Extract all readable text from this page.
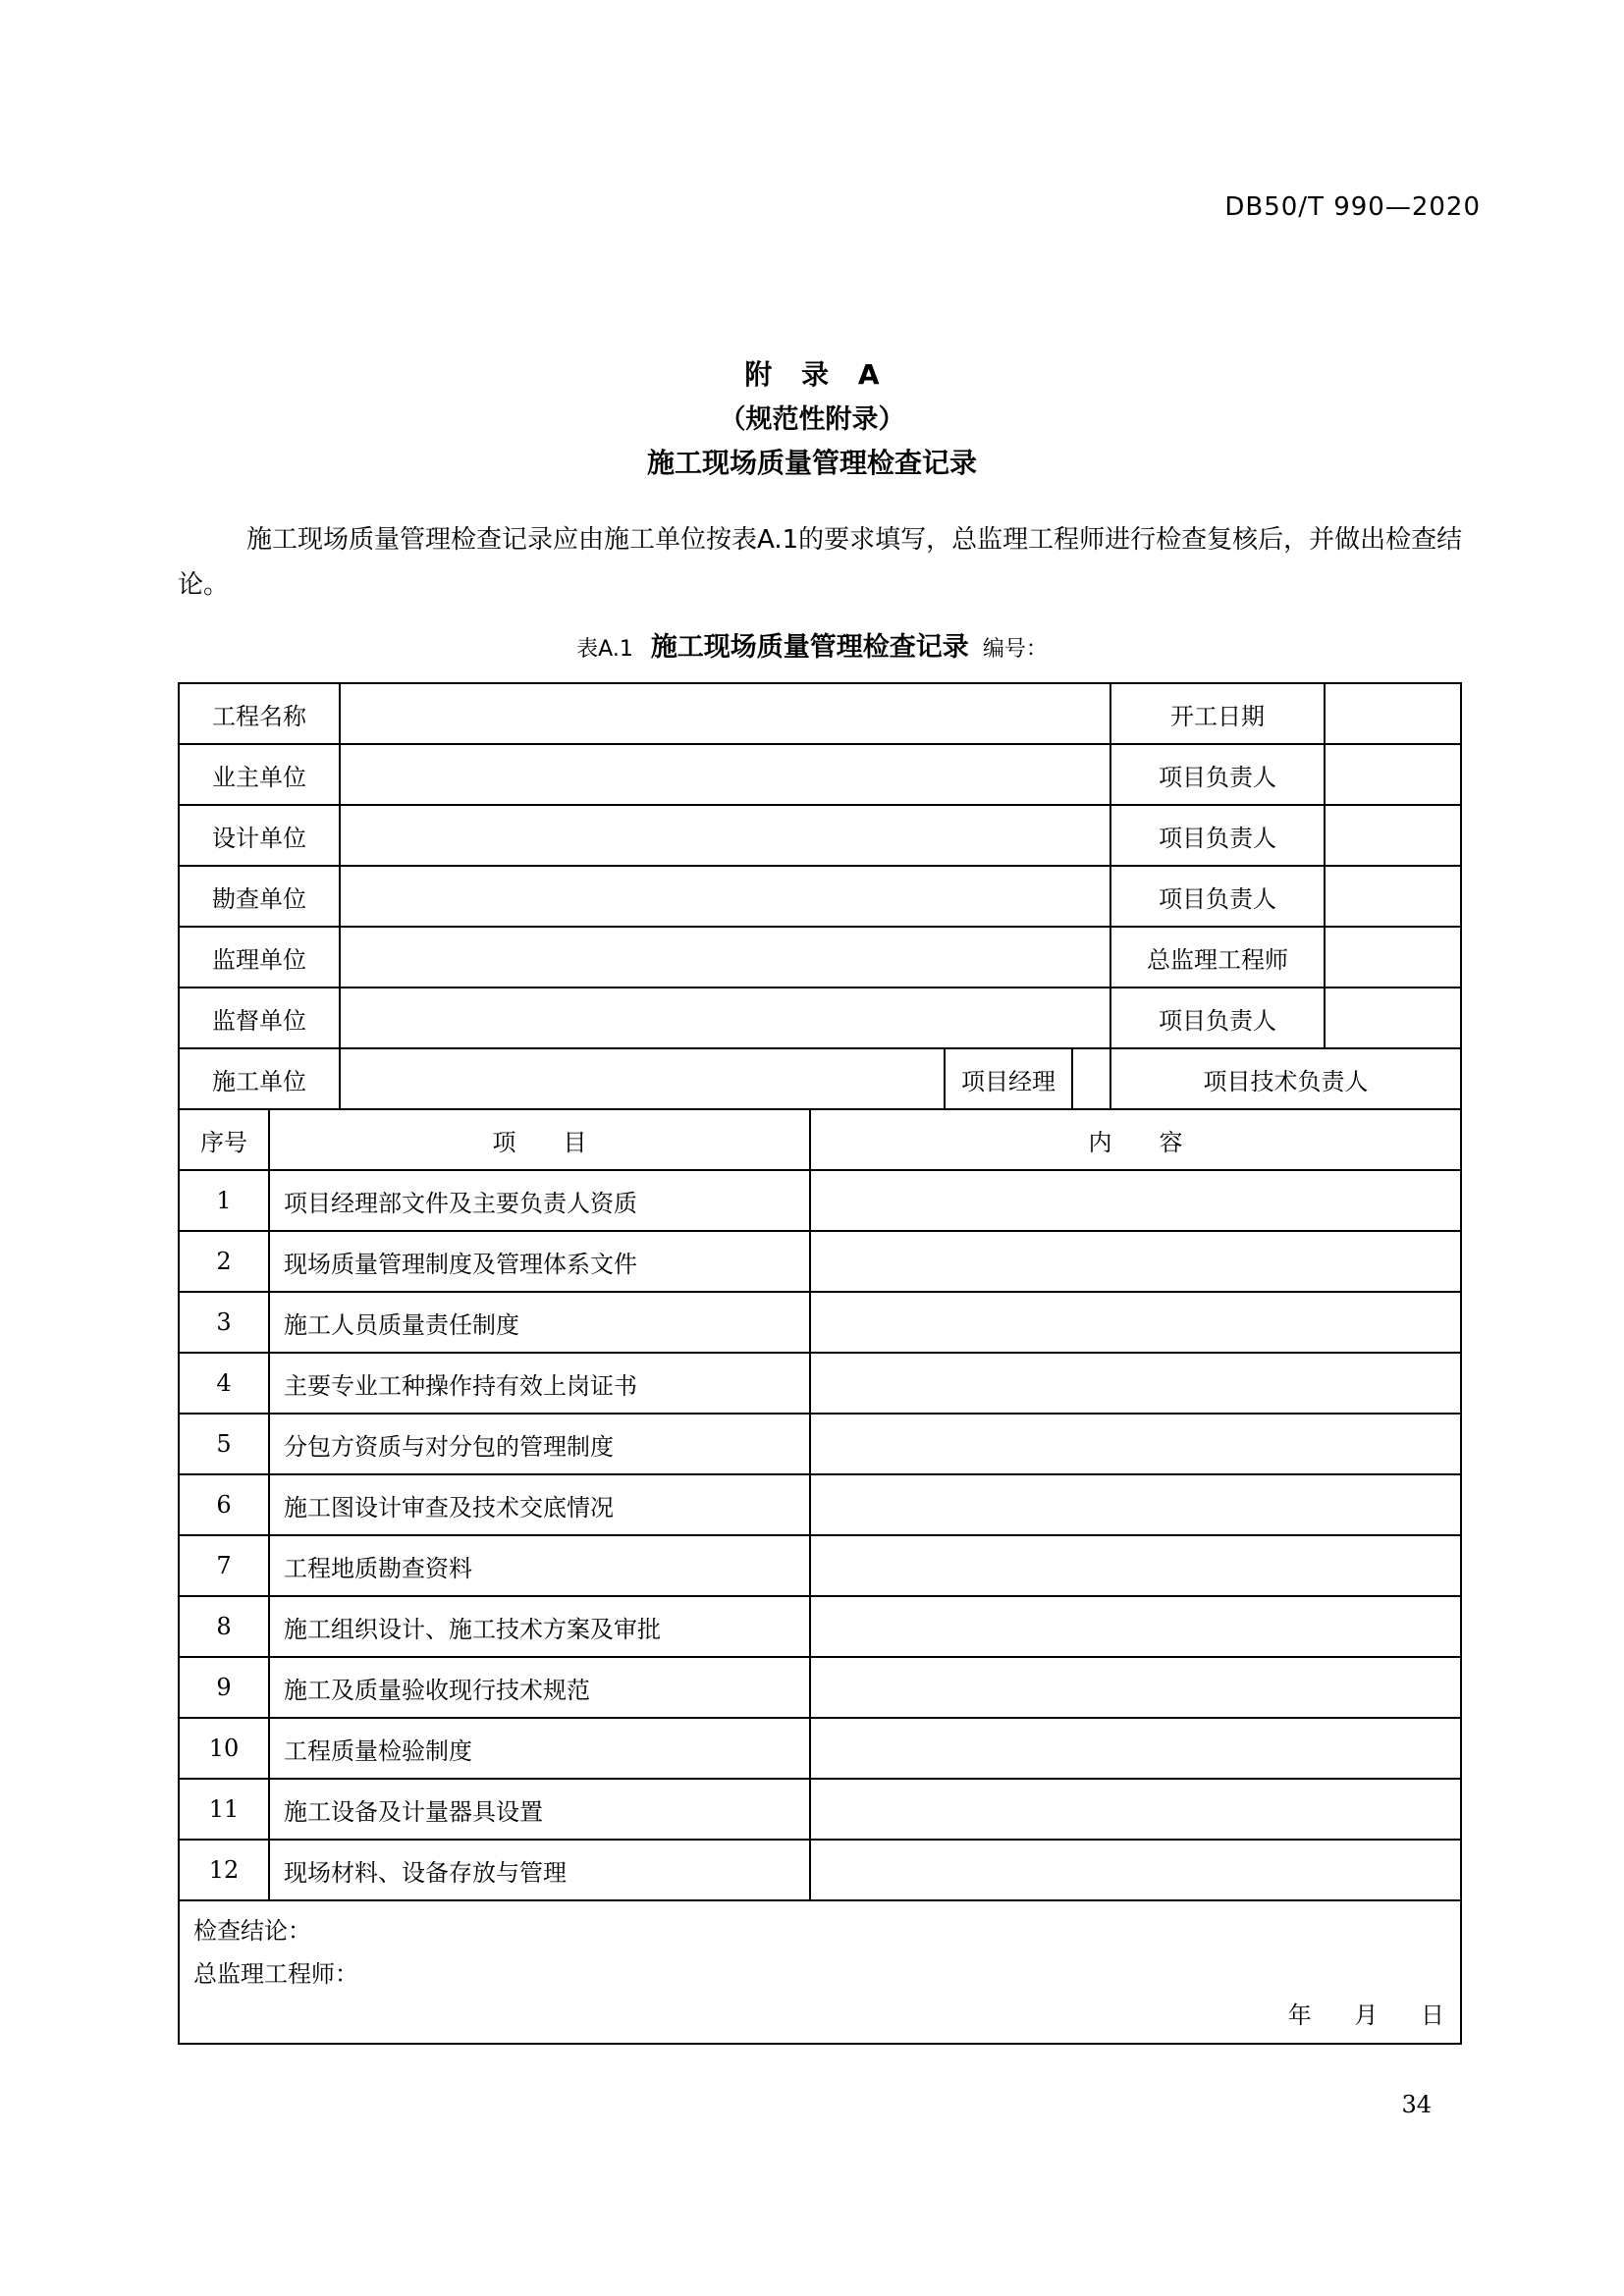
DB50/T 990—2020
附 录 A
（规范性附录）
施工现场质量管理检查记录
施工现场质量管理检查记录应由施工单位按表A.1的要求填写，总监理工程师进行检查复核后，并做出检查结论。
表A.1 施工现场质量管理检查记录 编号：
工程名称						开工日期		
业主单位						项目负责人		
设计单位						项目负责人		
勘查单位						项目负责人		
监理单位						总监理工程师		
监督单位						项目负责人		
施工单位				项目经理		项目技术负责人		
序号	项　　目		内　　容					
1	项目经理部文件及主要负责人资质							
2	现场质量管理制度及管理体系文件							
3	施工人员质量责任制度							
4	主要专业工种操作持有效上岗证书							
5	分包方资质与对分包的管理制度							
6	施工图设计审查及技术交底情况							
7	工程地质勘查资料							
8	施工组织设计、施工技术方案及审批							
9	施工及质量验收现行技术规范							
10	工程质量检验制度							
11	施工设备及计量器具设置							
12	现场材料、设备存放与管理							

检查结论：
总监理工程师：
年 月 日								
34
